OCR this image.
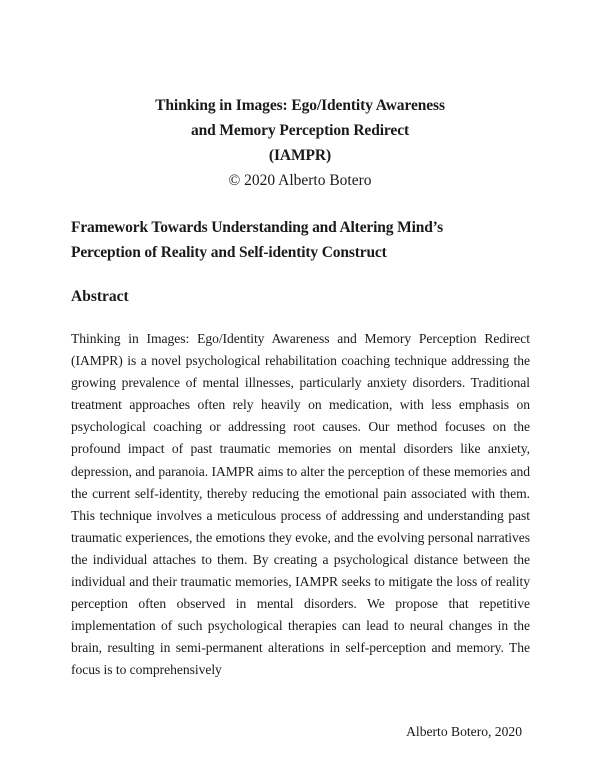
Thinking in Images: Ego/Identity Awareness
and Memory Perception Redirect
(IAMPR)
© 2020 Alberto Botero
Framework Towards Understanding and Altering Mind’s
Perception of Reality and Self-identity Construct
Abstract
Thinking in Images: Ego/Identity Awareness and Memory Perception Redirect (IAMPR) is a novel psychological rehabilitation coaching technique addressing the growing prevalence of mental illnesses, particularly anxiety disorders. Traditional treatment approaches often rely heavily on medication, with less emphasis on psychological coaching or addressing root causes. Our method focuses on the profound impact of past traumatic memories on mental disorders like anxiety, depression, and paranoia. IAMPR aims to alter the perception of these memories and the current self-identity, thereby reducing the emotional pain associated with them. This technique involves a meticulous process of addressing and understanding past traumatic experiences, the emotions they evoke, and the evolving personal narratives the individual attaches to them. By creating a psychological distance between the individual and their traumatic memories, IAMPR seeks to mitigate the loss of reality perception often observed in mental disorders. We propose that repetitive implementation of such psychological therapies can lead to neural changes in the brain, resulting in semi-permanent alterations in self-perception and memory. The focus is to comprehensively
Alberto Botero, 2020
